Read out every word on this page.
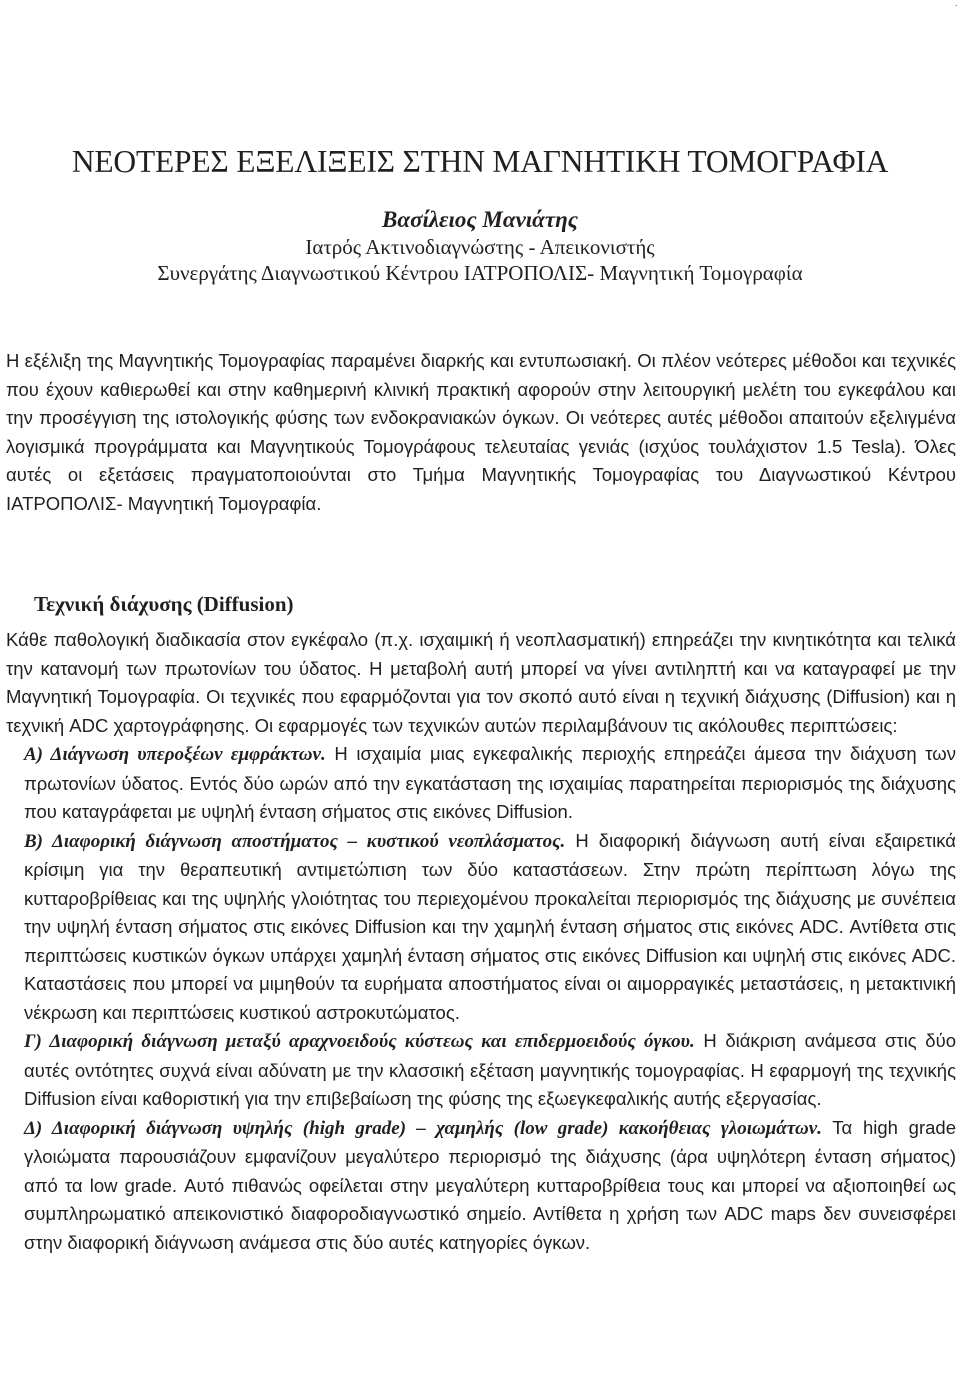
·
ΝΕΟΤΕΡΕΣ ΕΞΕΛΙΞΕΙΣ ΣΤΗΝ ΜΑΓΝΗΤΙΚΗ ΤΟΜΟΓΡΑΦΙΑ
Βασίλειος Μανιάτης
Ιατρός Ακτινοδιαγνώστης - Απεικονιστής
Συνεργάτης Διαγνωστικού Κέντρου ΙΑΤΡΟΠΟΛΙΣ- Μαγνητική Τομογραφία

Η εξέλιξη της Μαγνητικής Τομογραφίας παραμένει διαρκής και εντυπωσιακή. Οι πλέον νεότερες μέθοδοι και τεχνικές που έχουν καθιερωθεί και στην καθημερινή κλινική πρακτική αφορούν στην λειτουργική μελέτη του εγκεφάλου και την προσέγγιση της ιστολογικής φύσης των ενδοκρανιακών όγκων. Οι νεότερες αυτές μέθοδοι απαιτούν εξελιγμένα λογισμικά προγράμματα και Μαγνητικούς Τομογράφους τελευταίας γενιάς (ισχύος τουλάχιστον 1.5 Tesla). Όλες αυτές οι εξετάσεις πραγματοποιούνται στο Τμήμα Μαγνητικής Τομογραφίας του Διαγνωστικού Κέντρου ΙΑΤΡΟΠΟΛΙΣ- Μαγνητική Τομογραφία.

Τεχνική διάχυσης (Diffusion)
Κάθε παθολογική διαδικασία στον εγκέφαλο (π.χ. ισχαιμική ή νεοπλασματική) επηρεάζει την κινητικότητα και τελικά την κατανομή των πρωτονίων του ύδατος. Η μεταβολή αυτή μπορεί να γίνει αντιληπτή και να καταγραφεί με την Μαγνητική Τομογραφία. Οι τεχνικές που εφαρμόζονται για τον σκοπό αυτό είναι η τεχνική διάχυσης (Diffusion) και η τεχνική ADC χαρτογράφησης. Οι εφαρμογές των τεχνικών αυτών περιλαμβάνουν τις ακόλουθες περιπτώσεις:
Α) Διάγνωση υπεροξέων εμφράκτων. Η ισχαιμία μιας εγκεφαλικής περιοχής επηρεάζει άμεσα την διάχυση των πρωτονίων ύδατος. Εντός δύο ωρών από την εγκατάσταση της ισχαιμίας παρατηρείται περιορισμός της διάχυσης που καταγράφεται με υψηλή ένταση σήματος στις εικόνες Diffusion.
Β) Διαφορική διάγνωση αποστήματος – κυστικού νεοπλάσματος. Η διαφορική διάγνωση αυτή είναι εξαιρετικά κρίσιμη για την θεραπευτική αντιμετώπιση των δύο καταστάσεων. Στην πρώτη περίπτωση λόγω της κυτταροβρίθειας και της υψηλής γλοιότητας του περιεχομένου προκαλείται περιορισμός της διάχυσης με συνέπεια την υψηλή ένταση σήματος στις εικόνες Diffusion και την χαμηλή ένταση σήματος στις εικόνες ADC. Αντίθετα στις περιπτώσεις κυστικών όγκων υπάρχει χαμηλή ένταση σήματος στις εικόνες Diffusion και υψηλή στις εικόνες ADC. Καταστάσεις που μπορεί να μιμηθούν τα ευρήματα αποστήματος είναι οι αιμορραγικές μεταστάσεις, η μετακτινική νέκρωση και περιπτώσεις κυστικού αστροκυτώματος.
Γ) Διαφορική διάγνωση μεταξύ αραχνοειδούς κύστεως και επιδερμοειδούς όγκου. Η διάκριση ανάμεσα στις δύο αυτές οντότητες συχνά είναι αδύνατη με την κλασσική εξέταση μαγνητικής τομογραφίας. Η εφαρμογή της τεχνικής Diffusion είναι καθοριστική για την επιβεβαίωση της φύσης της εξωεγκεφαλικής αυτής εξεργασίας.
Δ) Διαφορική διάγνωση υψηλής (high grade) – χαμηλής (low grade) κακοήθειας γλοιωμάτων. Τα high grade γλοιώματα παρουσιάζουν εμφανίζουν μεγαλύτερο περιορισμό της διάχυσης (άρα υψηλότερη ένταση σήματος) από τα low grade. Αυτό πιθανώς οφείλεται στην μεγαλύτερη κυτταροβρίθεια τους και μπορεί να αξιοποιηθεί ως συμπληρωματικό απεικονιστικό διαφοροδιαγνωστικό σημείο. Αντίθετα η χρήση των ADC maps δεν συνεισφέρει στην διαφορική διάγνωση ανάμεσα στις δύο αυτές κατηγορίες όγκων.
